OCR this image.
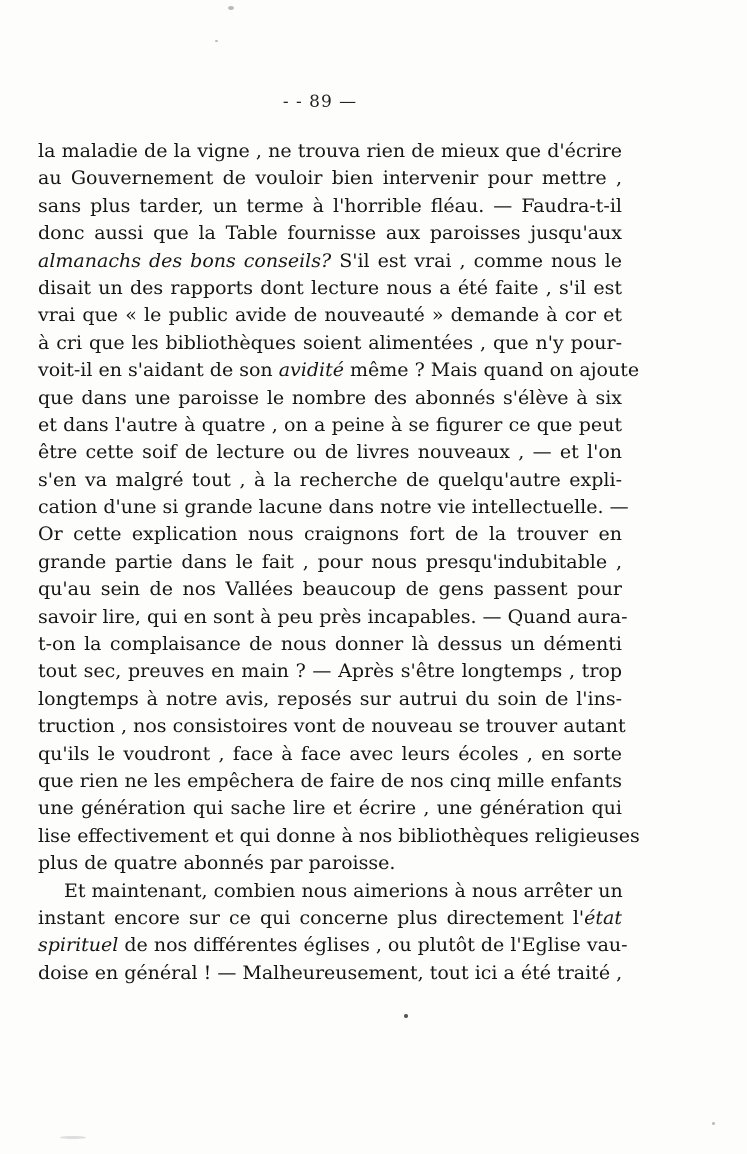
- - 89 —
la maladie de la vigne , ne trouva rien de mieux que d'écrire
au Gouvernement de vouloir bien intervenir pour mettre ,
sans plus tarder, un terme à l'horrible fléau. — Faudra-t-il
donc aussi que la Table fournisse aux paroisses jusqu'aux
almanachs des bons conseils? S'il est vrai , comme nous le
disait un des rapports dont lecture nous a été faite , s'il est
vrai que « le public avide de nouveauté » demande à cor et
à cri que les bibliothèques soient alimentées , que n'y pour-
voit-il en s'aidant de son avidité même ? Mais quand on ajoute
que dans une paroisse le nombre des abonnés s'élève à six
et dans l'autre à quatre , on a peine à se figurer ce que peut
être cette soif de lecture ou de livres nouveaux , — et l'on
s'en va malgré tout , à la recherche de quelqu'autre expli-
cation d'une si grande lacune dans notre vie intellectuelle. —
Or cette explication nous craignons fort de la trouver en
grande partie dans le fait , pour nous presqu'indubitable ,
qu'au sein de nos Vallées beaucoup de gens passent pour
savoir lire, qui en sont à peu près incapables. — Quand aura-
t-on la complaisance de nous donner là dessus un démenti
tout sec, preuves en main ? — Après s'être longtemps , trop
longtemps à notre avis, reposés sur autrui du soin de l'ins-
truction , nos consistoires vont de nouveau se trouver autant
qu'ils le voudront , face à face avec leurs écoles , en sorte
que rien ne les empêchera de faire de nos cinq mille enfants
une génération qui sache lire et écrire , une génération qui
lise effectivement et qui donne à nos bibliothèques religieuses
plus de quatre abonnés par paroisse.
Et maintenant, combien nous aimerions à nous arrêter un
instant encore sur ce qui concerne plus directement l'état
spirituel de nos différentes églises , ou plutôt de l'Eglise vau-
doise en général ! — Malheureusement, tout ici a été traité ,
